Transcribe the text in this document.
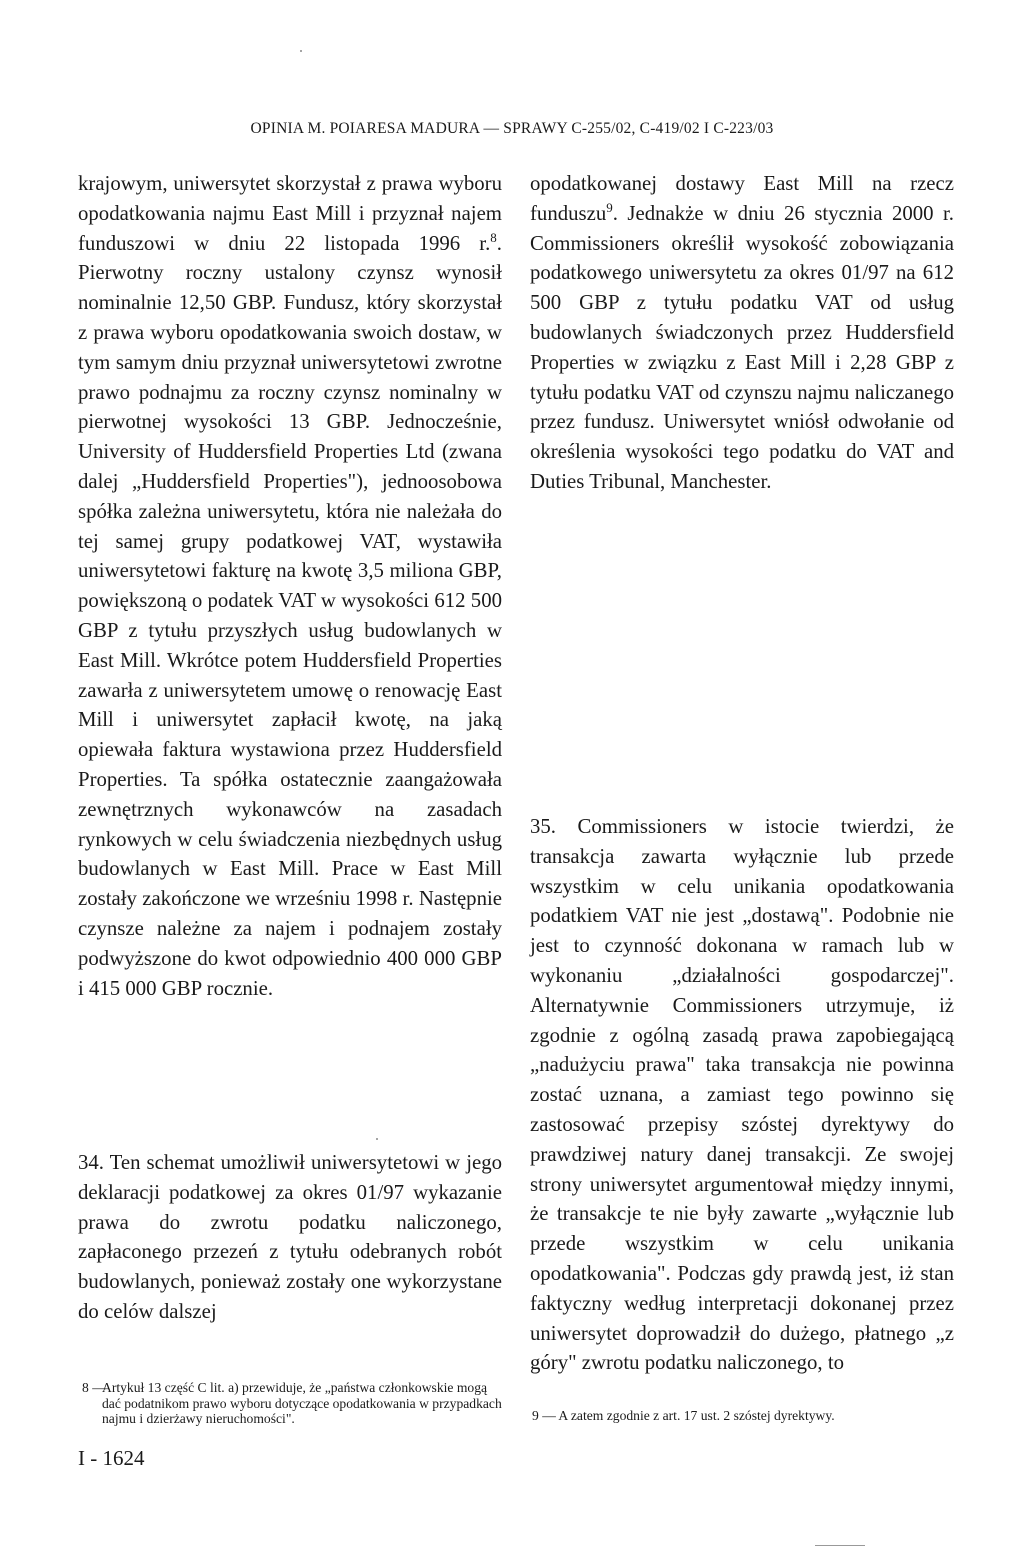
OPINIA M. POIARESA MADURA — SPRAWY C-255/02, C-419/02 I C-223/03

krajowym, uniwersytet skorzystał z prawa wyboru opodatkowania najmu East Mill i przyznał najem funduszowi w dniu 22 listopada 1996 r.$^8$. Pierwotny roczny ustalony czynsz wynosił nominalnie 12,50 GBP. Fundusz, który skorzystał z prawa wyboru opodatkowania swoich dostaw, w tym samym dniu przyznał uniwersytetowi zwrotne prawo podnajmu za roczny czynsz nominalny w pierwotnej wysokości 13 GBP. Jednocześnie, University of Huddersfield Properties Ltd (zwana dalej „Huddersfield Properties"), jednoosobowa spółka zależna uniwersytetu, która nie należała do tej samej grupy podatkowej VAT, wystawiła uniwersytetowi fakturę na kwotę 3,5 miliona GBP, powiększoną o podatek VAT w wysokości 612 500 GBP z tytułu przyszłych usług budowlanych w East Mill. Wkrótce potem Huddersfield Properties zawarła z uniwersytetem umowę o renowację East Mill i uniwersytet zapłacił kwotę, na jaką opiewała faktura wystawiona przez Huddersfield Properties. Ta spółka ostatecznie zaangażowała zewnętrznych wykonawców na zasadach rynkowych w celu świadczenia niezbędnych usług budowlanych w East Mill. Prace w East Mill zostały zakończone we wrześniu 1998 r. Następnie czynsze należne za najem i podnajem zostały podwyższone do kwot odpowiednio 400 000 GBP i 415 000 GBP rocznie.

opodatkowanej dostawy East Mill na rzecz funduszu$^9$. Jednakże w dniu 26 stycznia 2000 r. Commissioners określił wysokość zobowiązania podatkowego uniwersytetu za okres 01/97 na 612 500 GBP z tytułu podatku VAT od usług budowlanych świadczonych przez Huddersfield Properties w związku z East Mill i 2,28 GBP z tytułu podatku VAT od czynszu najmu naliczanego przez fundusz. Uniwersytet wniósł odwołanie od określenia wysokości tego podatku do VAT and Duties Tribunal, Manchester.

34. Ten schemat umożliwił uniwersytetowi w jego deklaracji podatkowej za okres 01/97 wykazanie prawa do zwrotu podatku naliczonego, zapłaconego przezeń z tytułu odebranych robót budowlanych, ponieważ zostały one wykorzystane do celów dalszej

35. Commissioners w istocie twierdzi, że transakcja zawarta wyłącznie lub przede wszystkim w celu unikania opodatkowania podatkiem VAT nie jest „dostawą". Podobnie nie jest to czynność dokonana w ramach lub w wykonaniu „działalności gospodarczej". Alternatywnie Commissioners utrzymuje, iż zgodnie z ogólną zasadą prawa zapobiegającą „nadużyciu prawa" taka transakcja nie powinna zostać uznana, a zamiast tego powinno się zastosować przepisy szóstej dyrektywy do prawdziwej natury danej transakcji. Ze swojej strony uniwersytet argumentował między innymi, że transakcje te nie były zawarte „wyłącznie lub przede wszystkim w celu unikania opodatkowania". Podczas gdy prawdą jest, iż stan faktyczny według interpretacji dokonanej przez uniwersytet doprowadził do dużego, płatnego „z góry" zwrotu podatku naliczonego, to

8 —
Artykuł 13 część C lit. a) przewiduje, że „państwa członkowskie mogą dać podatnikom prawo wyboru dotyczące opodatkowania w przypadkach najmu i dzierżawy nieruchomości".	9 — A zatem zgodnie z art. 17 ust. 2 szóstej dyrektywy.
I - 1624
